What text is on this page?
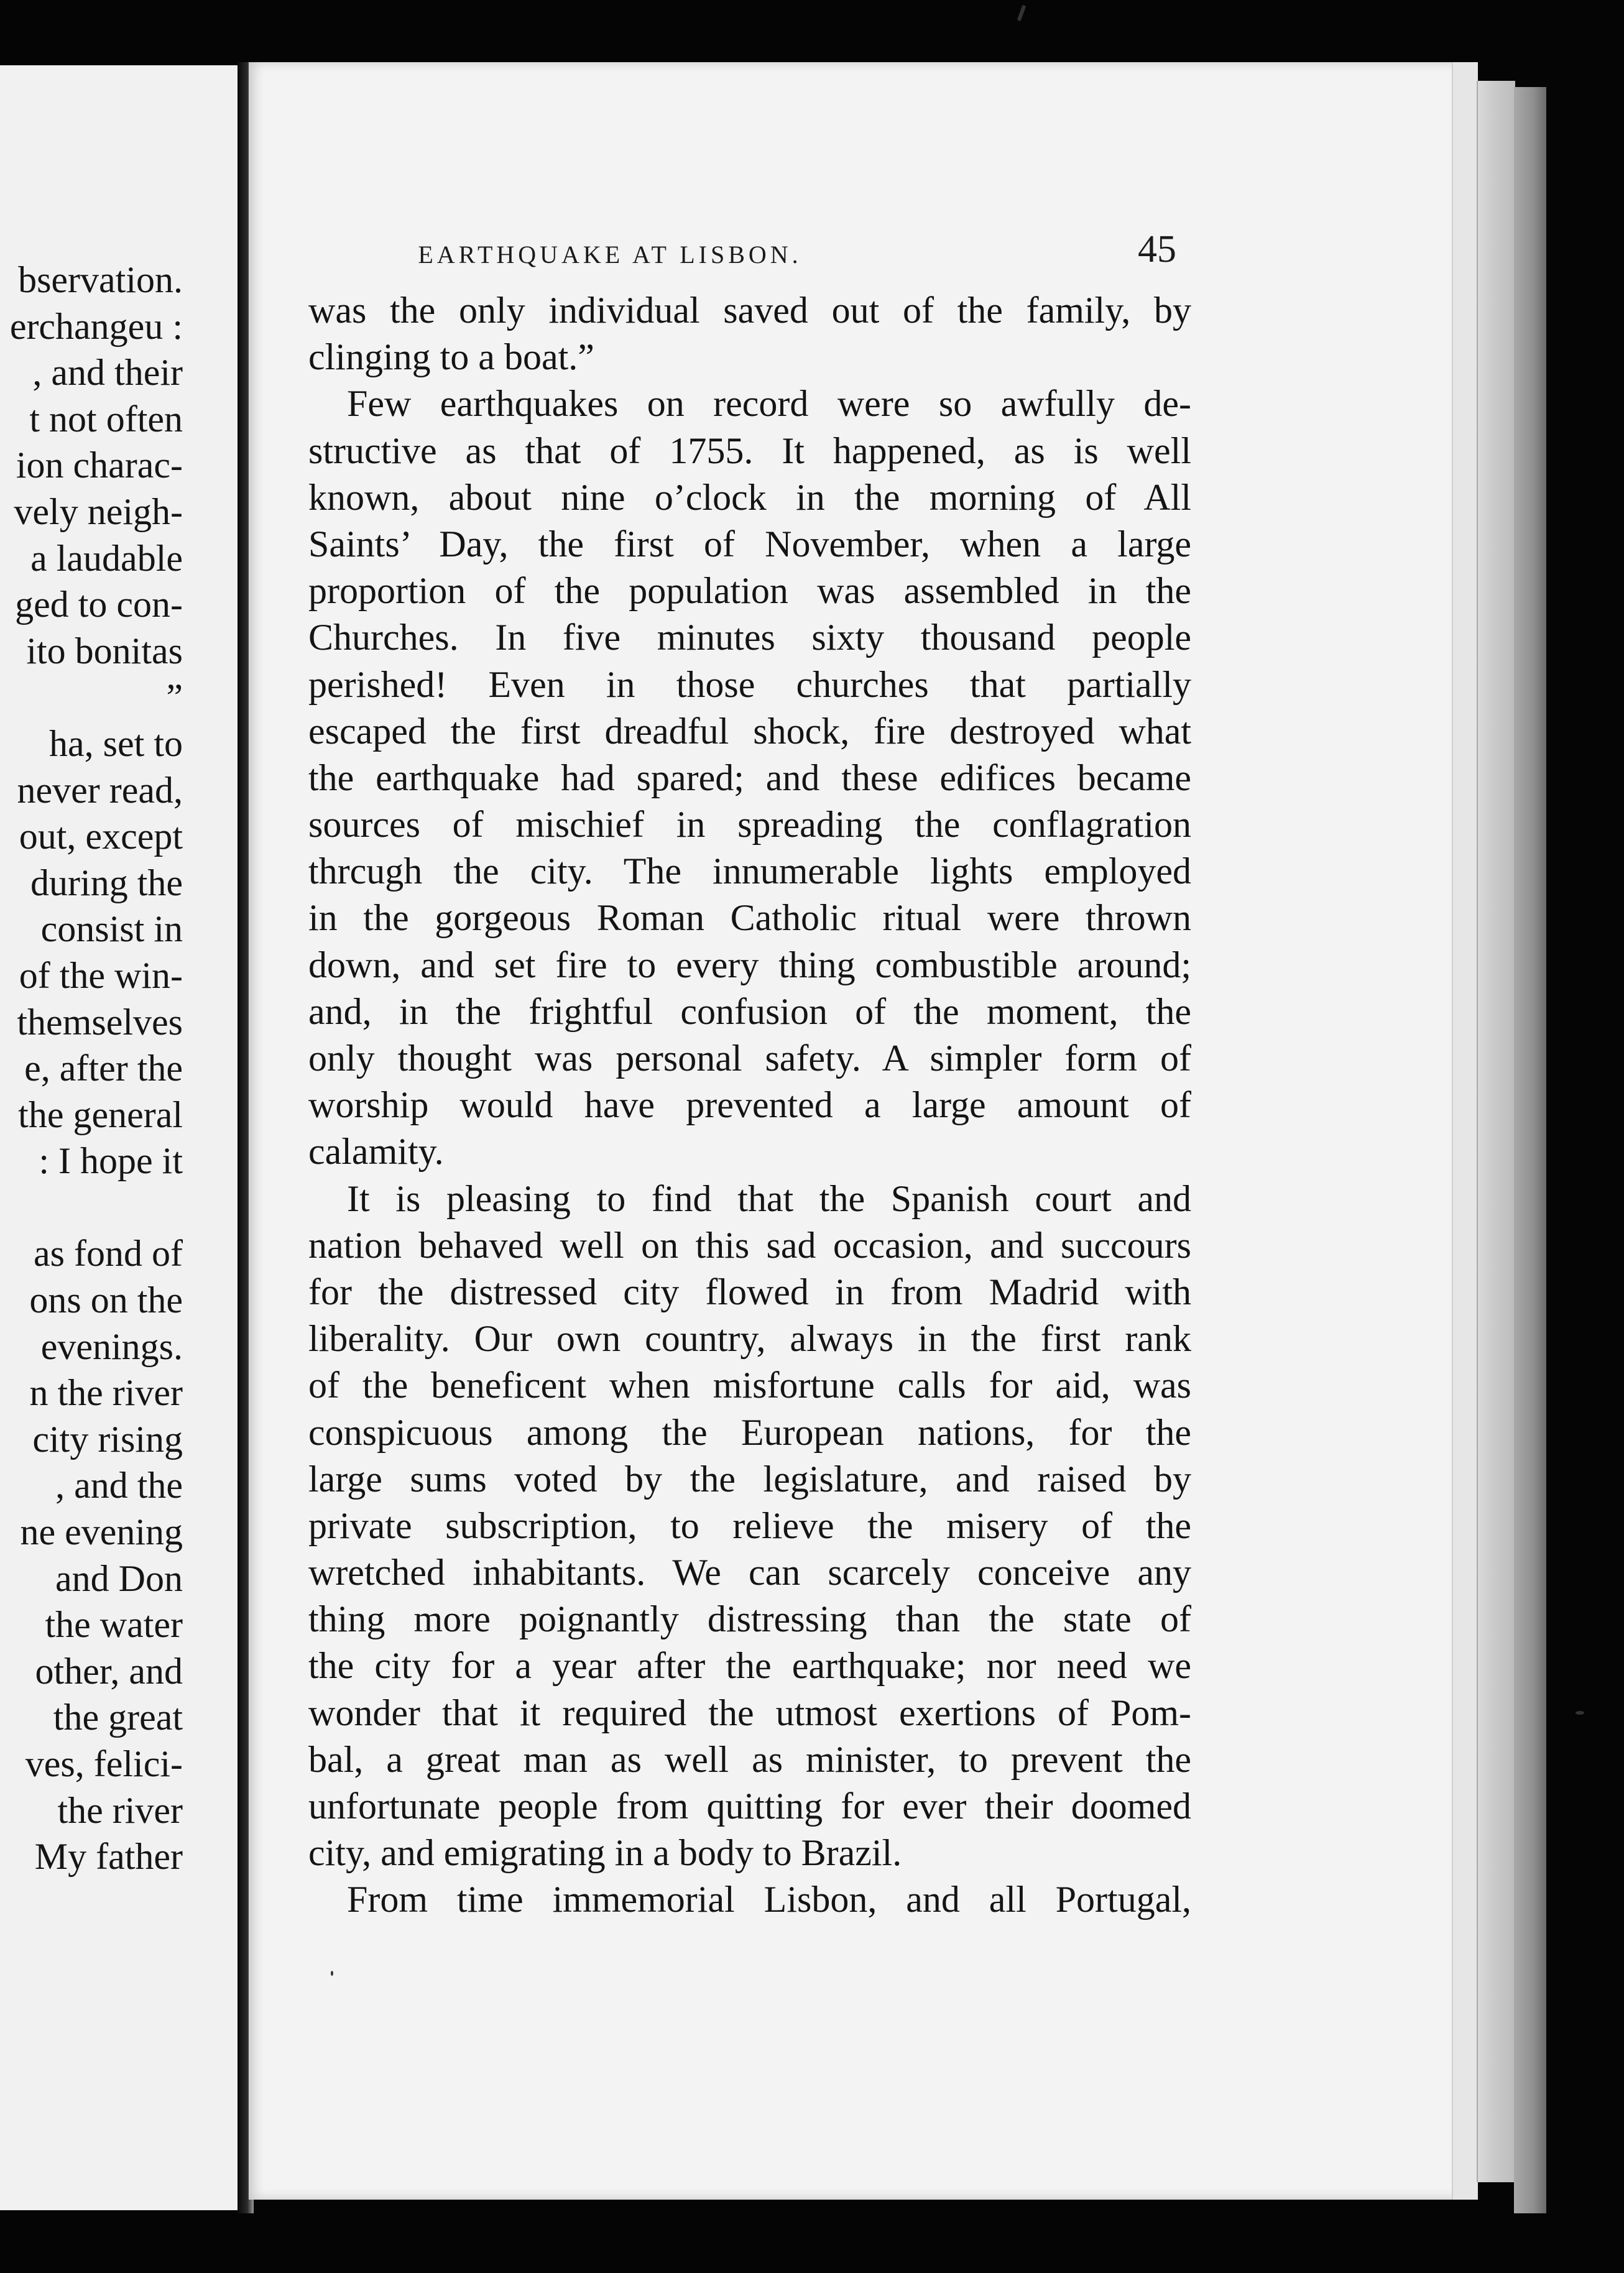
bservation.
erchangeu :
, and their
t not often
ion charac-
vely neigh-
a laudable
ged to con-
ito bonitas
”
ha, set to
never read,
out, except
during the
consist in
of the win-
themselves
e, after the
the general
: I hope it
as fond of
ons on the
evenings.
n the river
city rising
, and the
ne evening
and Don
the water
other, and
the great
ves, felici-
the river
My father
EARTHQUAKE AT LISBON.	45
was the only individual saved out of the family, by
clinging to a boat.”
Few earthquakes on record were so awfully de-
structive as that of 1755. It happened, as is well
known, about nine o’clock in the morning of All
Saints’ Day, the first of November, when a large
proportion of the population was assembled in the
Churches. In five minutes sixty thousand people
perished! Even in those churches that partially
escaped the first dreadful shock, fire destroyed what
the earthquake had spared; and these edifices became
sources of mischief in spreading the conflagration
thrcugh the city. The innumerable lights employed
in the gorgeous Roman Catholic ritual were thrown
down, and set fire to every thing combustible around;
and, in the frightful confusion of the moment, the
only thought was personal safety. A simpler form of
worship would have prevented a large amount of
calamity.
It is pleasing to find that the Spanish court and
nation behaved well on this sad occasion, and succours
for the distressed city flowed in from Madrid with
liberality. Our own country, always in the first rank
of the beneficent when misfortune calls for aid, was
conspicuous among the European nations, for the
large sums voted by the legislature, and raised by
private subscription, to relieve the misery of the
wretched inhabitants. We can scarcely conceive any
thing more poignantly distressing than the state of
the city for a year after the earthquake; nor need we
wonder that it required the utmost exertions of Pom-
bal, a great man as well as minister, to prevent the
unfortunate people from quitting for ever their doomed
city, and emigrating in a body to Brazil.
From time immemorial Lisbon, and all Portugal,
